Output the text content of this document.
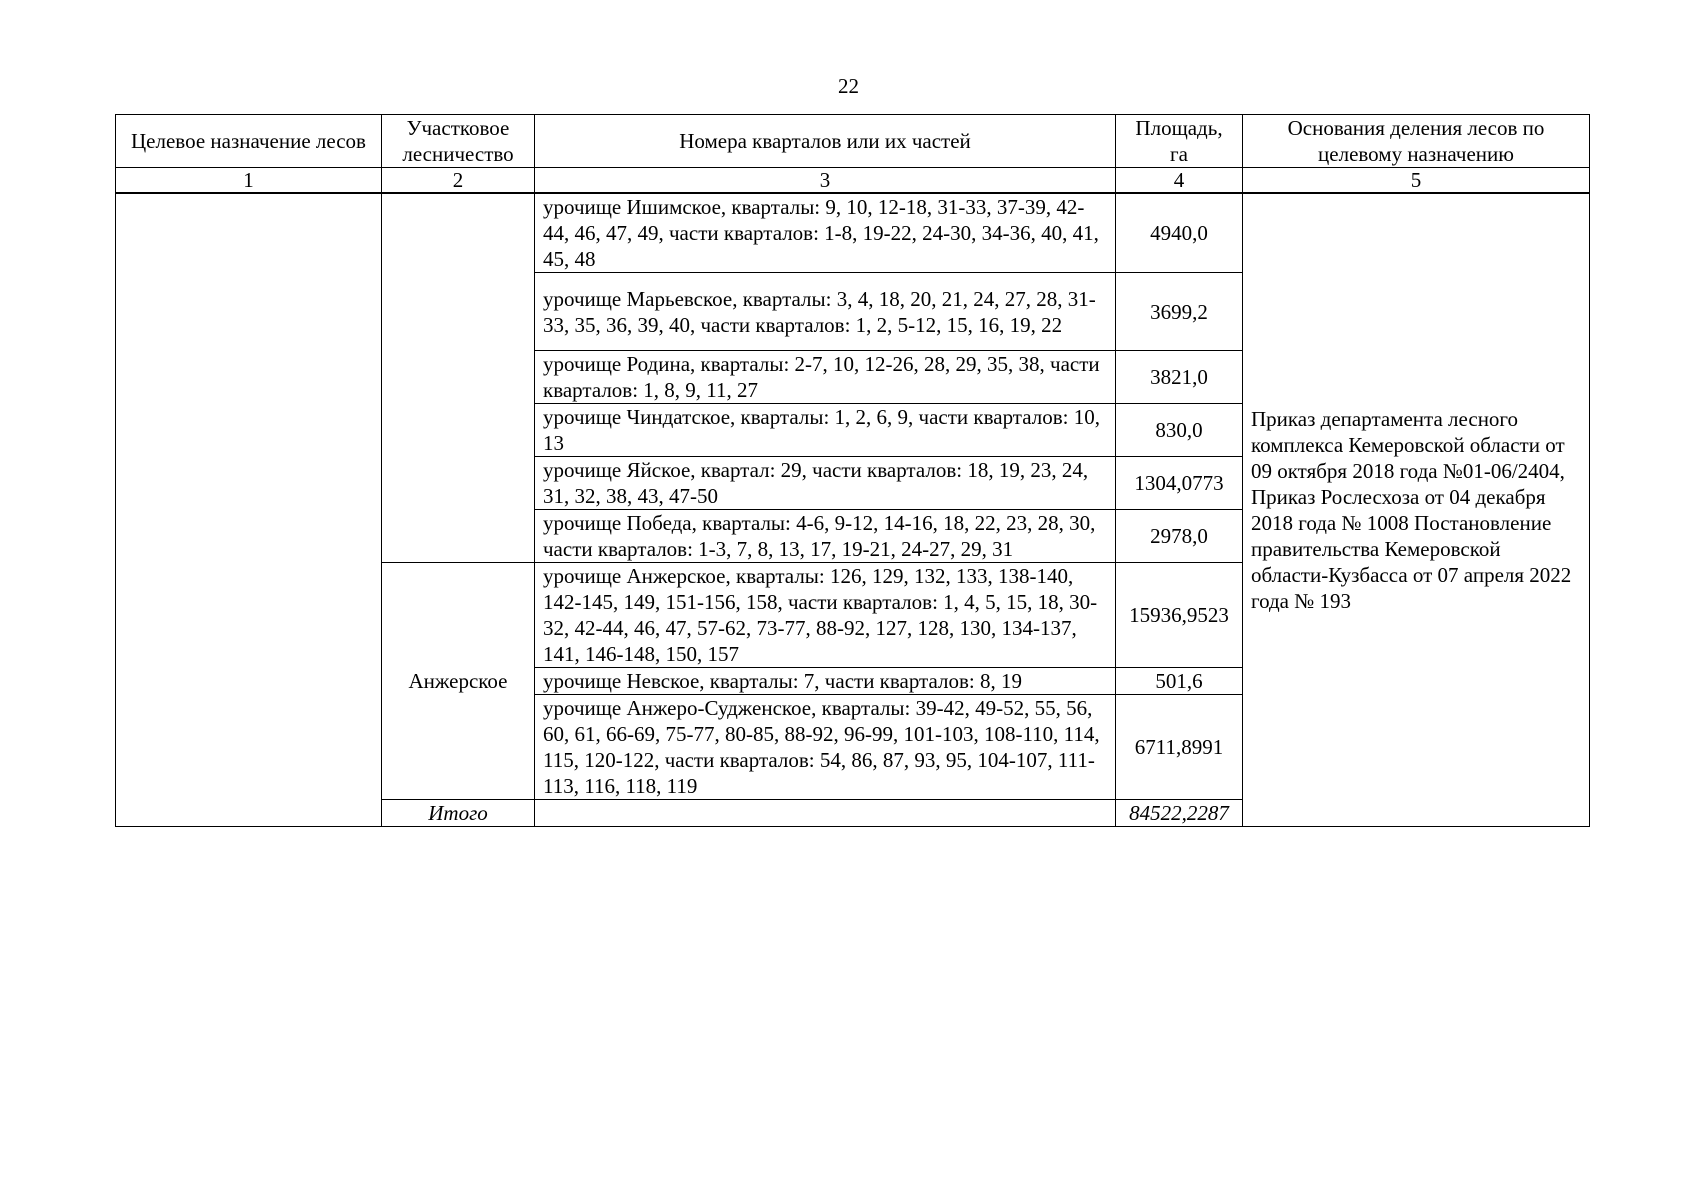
22
Целевое назначение лесов	Участковое лесничество	Номера кварталов или их частей	Площадь, га	Основания деления лесов по целевому назначению
1	2	3	4	5
		урочище Ишимское, кварталы: 9, 10, 12-18, 31-33, 37-39, 42-44, 46, 47, 49, части кварталов: 1-8, 19-22, 24-30, 34-36, 40, 41, 45, 48	4940,0	Приказ департамента лесного комплекса Кемеровской области от 09 октября 2018 года №01-06/2404, Приказ Рослесхоза от 04 декабря 2018 года № 1008 Постановление правительства Кемеровской области-Кузбасса от 07 апреля 2022 года № 193
		урочище Марьевское, кварталы: 3, 4, 18, 20, 21, 24, 27, 28, 31-33, 35, 36, 39, 40, части кварталов: 1, 2, 5-12, 15, 16, 19, 22	3699,2	
		урочище Родина, кварталы: 2-7, 10, 12-26, 28, 29, 35, 38, части кварталов: 1, 8, 9, 11, 27	3821,0	
		урочище Чиндатское, кварталы: 1, 2, 6, 9, части кварталов: 10, 13	830,0	
		урочище Яйское, квартал: 29, части кварталов: 18, 19, 23, 24, 31, 32, 38, 43, 47-50	1304,0773	
		урочище Победа, кварталы: 4-6, 9-12, 14-16, 18, 22, 23, 28, 30, части кварталов: 1-3, 7, 8, 13, 17, 19-21, 24-27, 29, 31	2978,0	
	Анжерское	урочище Анжерское, кварталы: 126, 129, 132, 133, 138-140, 142-145, 149, 151-156, 158, части кварталов: 1, 4, 5, 15, 18, 30-32, 42-44, 46, 47, 57-62, 73-77, 88-92, 127, 128, 130, 134-137, 141, 146-148, 150, 157	15936,9523	
		урочище Невское, кварталы: 7, части кварталов: 8, 19	501,6	
		урочище Анжеро-Судженское, кварталы: 39-42, 49-52, 55, 56, 60, 61, 66-69, 75-77, 80-85, 88-92, 96-99, 101-103, 108-110, 114, 115, 120-122, части кварталов: 54, 86, 87, 93, 95, 104-107, 111-113, 116, 118, 119	6711,8991	
	Итого		84522,2287	
